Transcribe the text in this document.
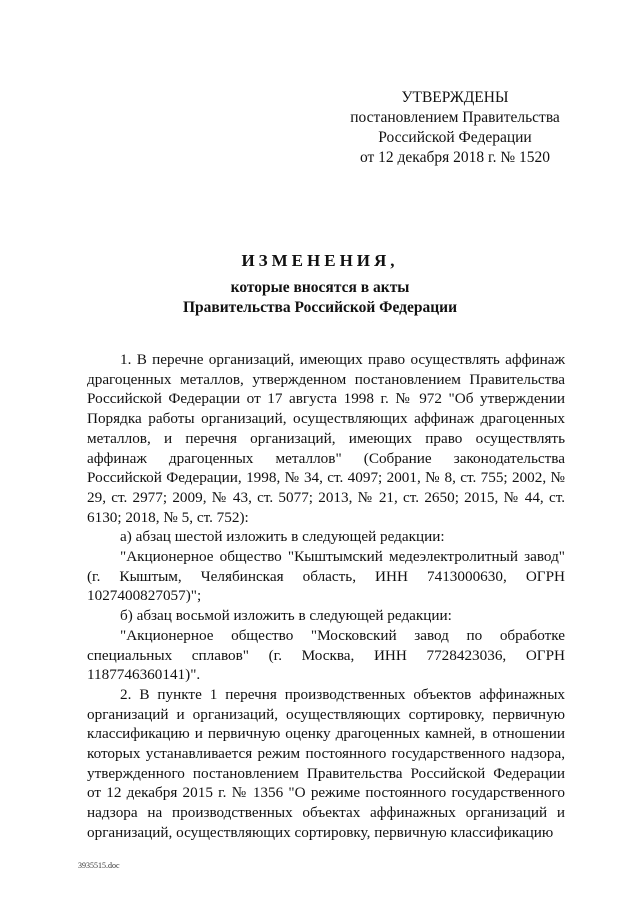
УТВЕРЖДЕНЫ
постановлением Правительства
Российской Федерации
от 12 декабря 2018 г. № 1520
ИЗМЕНЕНИЯ,
которые вносятся в акты
Правительства Российской Федерации

1. В перечне организаций, имеющих право осуществлять аффинаж драгоценных металлов, утвержденном постановлением Правительства Российской Федерации от 17 августа 1998 г. № 972 "Об утверждении Порядка работы организаций, осуществляющих аффинаж драгоценных металлов, и перечня организаций, имеющих право осуществлять аффинаж драгоценных металлов" (Собрание законодательства Российской Федерации, 1998, № 34, ст. 4097; 2001, № 8, ст. 755; 2002, № 29, ст. 2977; 2009, № 43, ст. 5077; 2013, № 21, ст. 2650; 2015, № 44, ст. 6130; 2018, № 5, ст. 752):

а) абзац шестой изложить в следующей редакции:

"Акционерное общество "Кыштымский медеэлектролитный завод" (г. Кыштым, Челябинская область, ИНН 7413000630, ОГРН 1027400827057)";

б) абзац восьмой изложить в следующей редакции:

"Акционерное общество "Московский завод по обработке специальных сплавов" (г. Москва, ИНН 7728423036, ОГРН 1187746360141)".

2. В пункте 1 перечня производственных объектов аффинажных организаций и организаций, осуществляющих сортировку, первичную классификацию и первичную оценку драгоценных камней, в отношении которых устанавливается режим постоянного государственного надзора, утвержденного постановлением Правительства Российской Федерации от 12 декабря 2015 г. № 1356 "О режиме постоянного государственного надзора на производственных объектах аффинажных организаций и организаций, осуществляющих сортировку, первичную классификацию

3935515.doc
